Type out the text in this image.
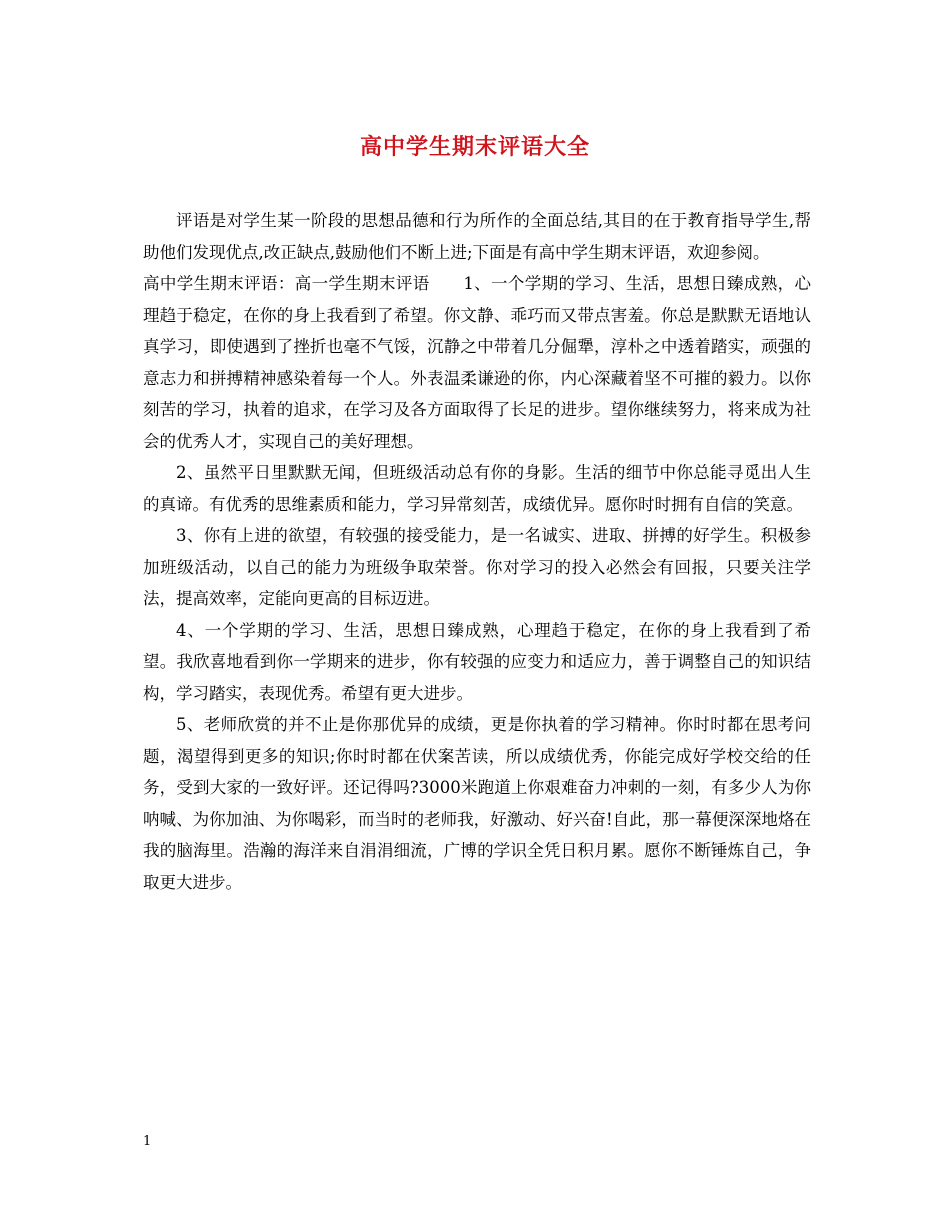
高中学生期末评语大全

评语是对学生某一阶段的思想品德和行为所作的全面总结,其目的在于教育指导学生,帮助他们发现优点,改正缺点,鼓励他们不断上进;下面是有高中学生期末评语，欢迎参阅。

高中学生期末评语：高一学生期末评语　　1、一个学期的学习、生活，思想日臻成熟，心理趋于稳定，在你的身上我看到了希望。你文静、乖巧而又带点害羞。你总是默默无语地认真学习，即使遇到了挫折也毫不气馁，沉静之中带着几分倔犟，淳朴之中透着踏实，顽强的意志力和拼搏精神感染着每一个人。外表温柔谦逊的你，内心深藏着坚不可摧的毅力。以你刻苦的学习，执着的追求，在学习及各方面取得了长足的进步。望你继续努力，将来成为社会的优秀人才，实现自己的美好理想。

2、虽然平日里默默无闻，但班级活动总有你的身影。生活的细节中你总能寻觅出人生的真谛。有优秀的思维素质和能力，学习异常刻苦，成绩优异。愿你时时拥有自信的笑意。

3、你有上进的欲望，有较强的接受能力，是一名诚实、进取、拼搏的好学生。积极参加班级活动，以自己的能力为班级争取荣誉。你对学习的投入必然会有回报，只要关注学法，提高效率，定能向更高的目标迈进。

4、一个学期的学习、生活，思想日臻成熟，心理趋于稳定，在你的身上我看到了希望。我欣喜地看到你一学期来的进步，你有较强的应变力和适应力，善于调整自己的知识结构，学习踏实，表现优秀。希望有更大进步。

5、老师欣赏的并不止是你那优异的成绩，更是你执着的学习精神。你时时都在思考问题，渴望得到更多的知识;你时时都在伏案苦读，所以成绩优秀，你能完成好学校交给的任务，受到大家的一致好评。还记得吗?3000米跑道上你艰难奋力冲刺的一刻，有多少人为你呐喊、为你加油、为你喝彩，而当时的老师我，好激动、好兴奋!自此，那一幕便深深地烙在我的脑海里。浩瀚的海洋来自涓涓细流，广博的学识全凭日积月累。愿你不断锤炼自己，争取更大进步。

1
